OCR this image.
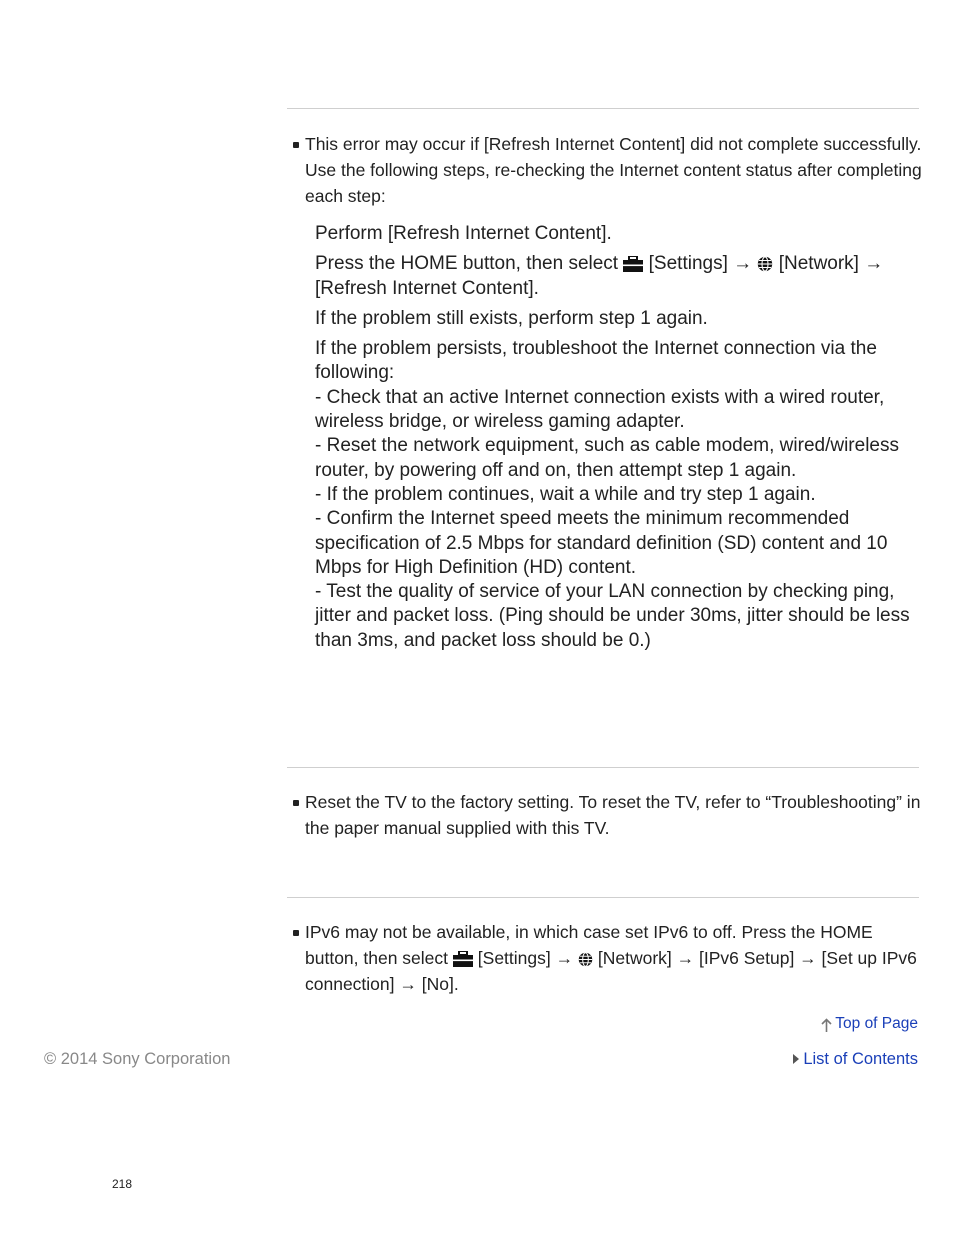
This error may occur if [Refresh Internet Content] did not complete successfully. Use the following steps, re-checking the Internet content status after completing each step:
Perform [Refresh Internet Content].
Press the HOME button, then select [Settings] → [Network] → [Refresh Internet Content].
If the problem still exists, perform step 1 again.
If the problem persists, troubleshoot the Internet connection via the following:
- Check that an active Internet connection exists with a wired router, wireless bridge, or wireless gaming adapter.
- Reset the network equipment, such as cable modem, wired/wireless router, by powering off and on, then attempt step 1 again.
- If the problem continues, wait a while and try step 1 again.
- Confirm the Internet speed meets the minimum recommended specification of 2.5 Mbps for standard definition (SD) content and 10 Mbps for High Definition (HD) content.
- Test the quality of service of your LAN connection by checking ping, jitter and packet loss. (Ping should be under 30ms, jitter should be less than 3ms, and packet loss should be 0.)
Reset the TV to the factory setting. To reset the TV, refer to “Troubleshooting” in the paper manual supplied with this TV.
IPv6 may not be available, in which case set IPv6 to off. Press the HOME button, then select [Settings] → [Network] → [IPv6 Setup] → [Set up IPv6 connection] → [No].
Top of Page
© 2014 Sony Corporation	List of Contents
218
